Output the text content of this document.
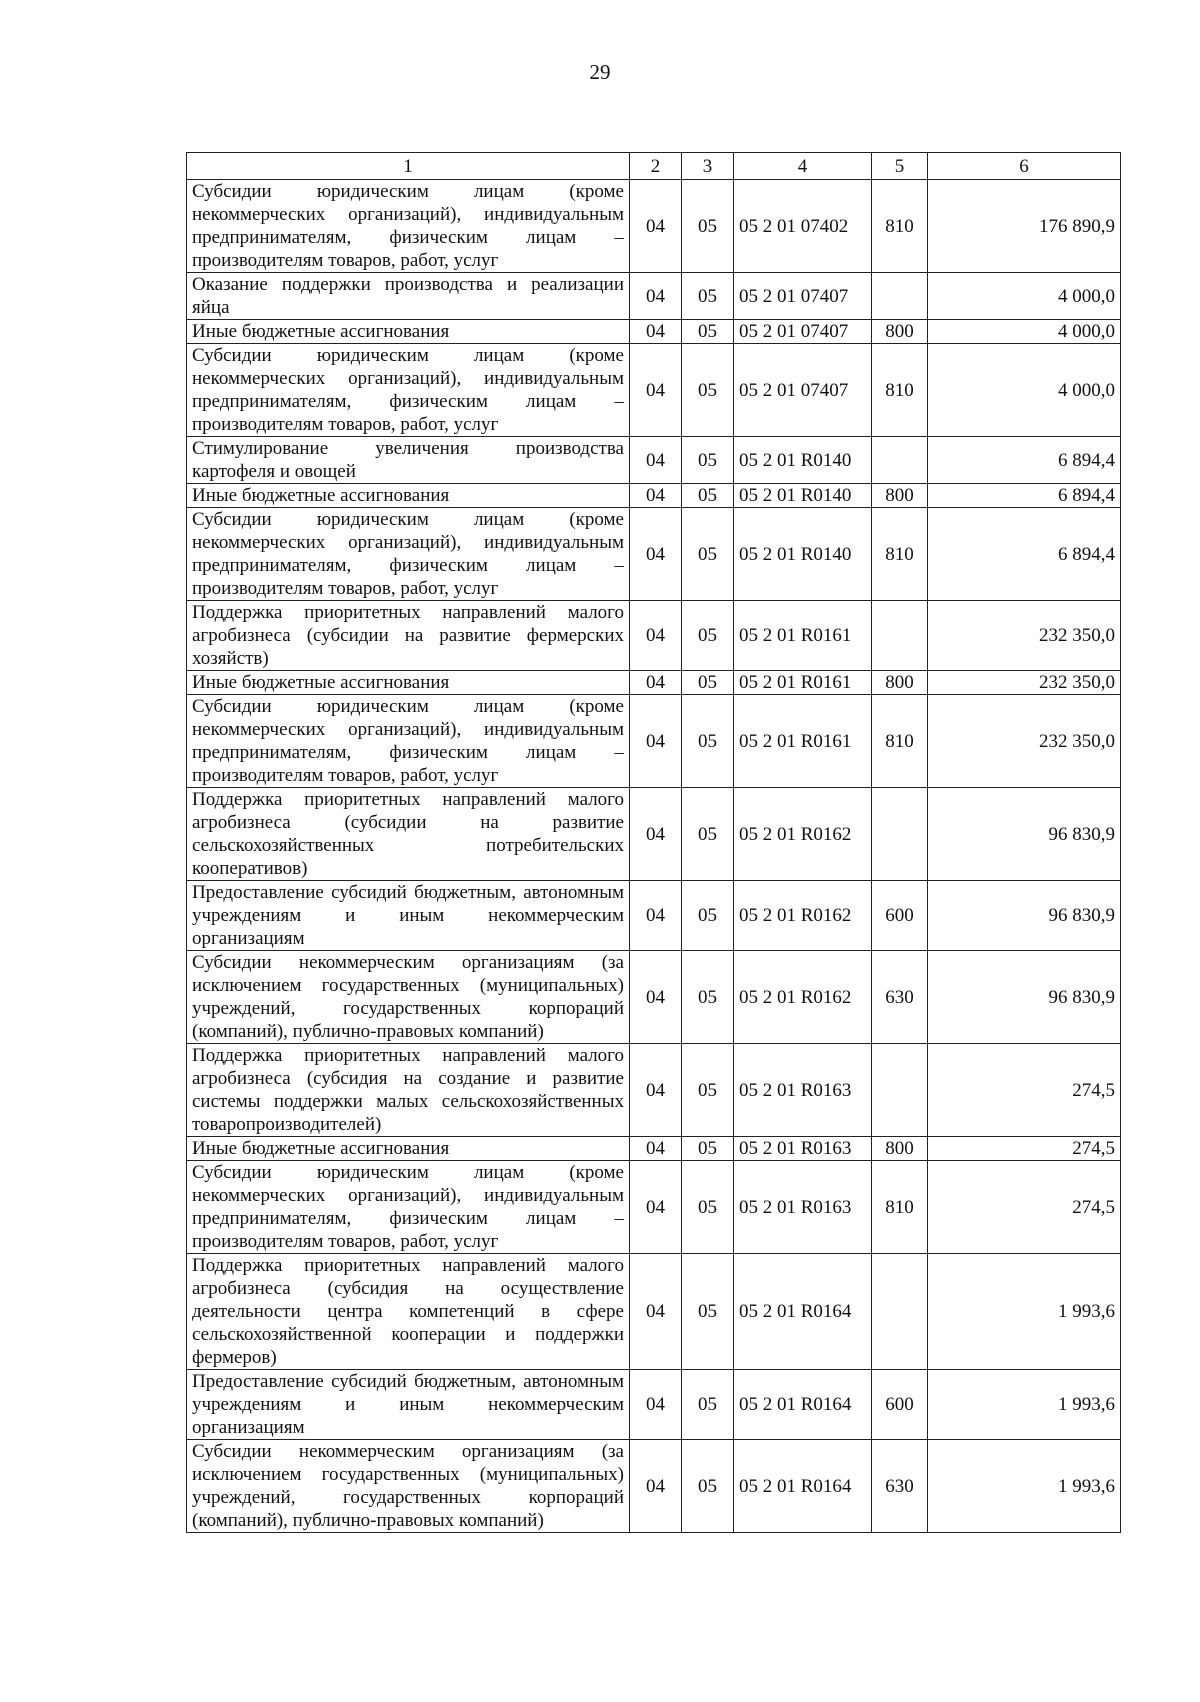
29
1	2	3	4	5	6
Субсидии юридическим лицам (кроме некоммерческих организаций), индивидуальным предпринимателям, физическим лицам – производителям товаров, работ, услуг	04	05	05 2 01 07402	810	176 890,9
Оказание поддержки производства и реализации яйца	04	05	05 2 01 07407		4 000,0
Иные бюджетные ассигнования	04	05	05 2 01 07407	800	4 000,0
Субсидии юридическим лицам (кроме некоммерческих организаций), индивидуальным предпринимателям, физическим лицам – производителям товаров, работ, услуг	04	05	05 2 01 07407	810	4 000,0
Стимулирование увеличения производства картофеля и овощей	04	05	05 2 01 R0140		6 894,4
Иные бюджетные ассигнования	04	05	05 2 01 R0140	800	6 894,4
Субсидии юридическим лицам (кроме некоммерческих организаций), индивидуальным предпринимателям, физическим лицам – производителям товаров, работ, услуг	04	05	05 2 01 R0140	810	6 894,4
Поддержка приоритетных направлений малого агробизнеса (субсидии на развитие фермерских хозяйств)	04	05	05 2 01 R0161		232 350,0
Иные бюджетные ассигнования	04	05	05 2 01 R0161	800	232 350,0
Субсидии юридическим лицам (кроме некоммерческих организаций), индивидуальным предпринимателям, физическим лицам – производителям товаров, работ, услуг	04	05	05 2 01 R0161	810	232 350,0
Поддержка приоритетных направлений малого агробизнеса (субсидии на развитие сельскохозяйственных потребительских кооперативов)	04	05	05 2 01 R0162		96 830,9
Предоставление субсидий бюджетным, автономным учреждениям и иным некоммерческим организациям	04	05	05 2 01 R0162	600	96 830,9
Субсидии некоммерческим организациям (за исключением государственных (муниципальных) учреждений, государственных корпораций (компаний), публично-правовых компаний)	04	05	05 2 01 R0162	630	96 830,9
Поддержка приоритетных направлений малого агробизнеса (субсидия на создание и развитие системы поддержки малых сельскохозяйственных товаропроизводителей)	04	05	05 2 01 R0163		274,5
Иные бюджетные ассигнования	04	05	05 2 01 R0163	800	274,5
Субсидии юридическим лицам (кроме некоммерческих организаций), индивидуальным предпринимателям, физическим лицам – производителям товаров, работ, услуг	04	05	05 2 01 R0163	810	274,5
Поддержка приоритетных направлений малого агробизнеса (субсидия на осуществление деятельности центра компетенций в сфере сельскохозяйственной кооперации и поддержки фермеров)	04	05	05 2 01 R0164		1 993,6
Предоставление субсидий бюджетным, автономным учреждениям и иным некоммерческим организациям	04	05	05 2 01 R0164	600	1 993,6
Субсидии некоммерческим организациям (за исключением государственных (муниципальных) учреждений, государственных корпораций (компаний), публично-правовых компаний)	04	05	05 2 01 R0164	630	1 993,6
